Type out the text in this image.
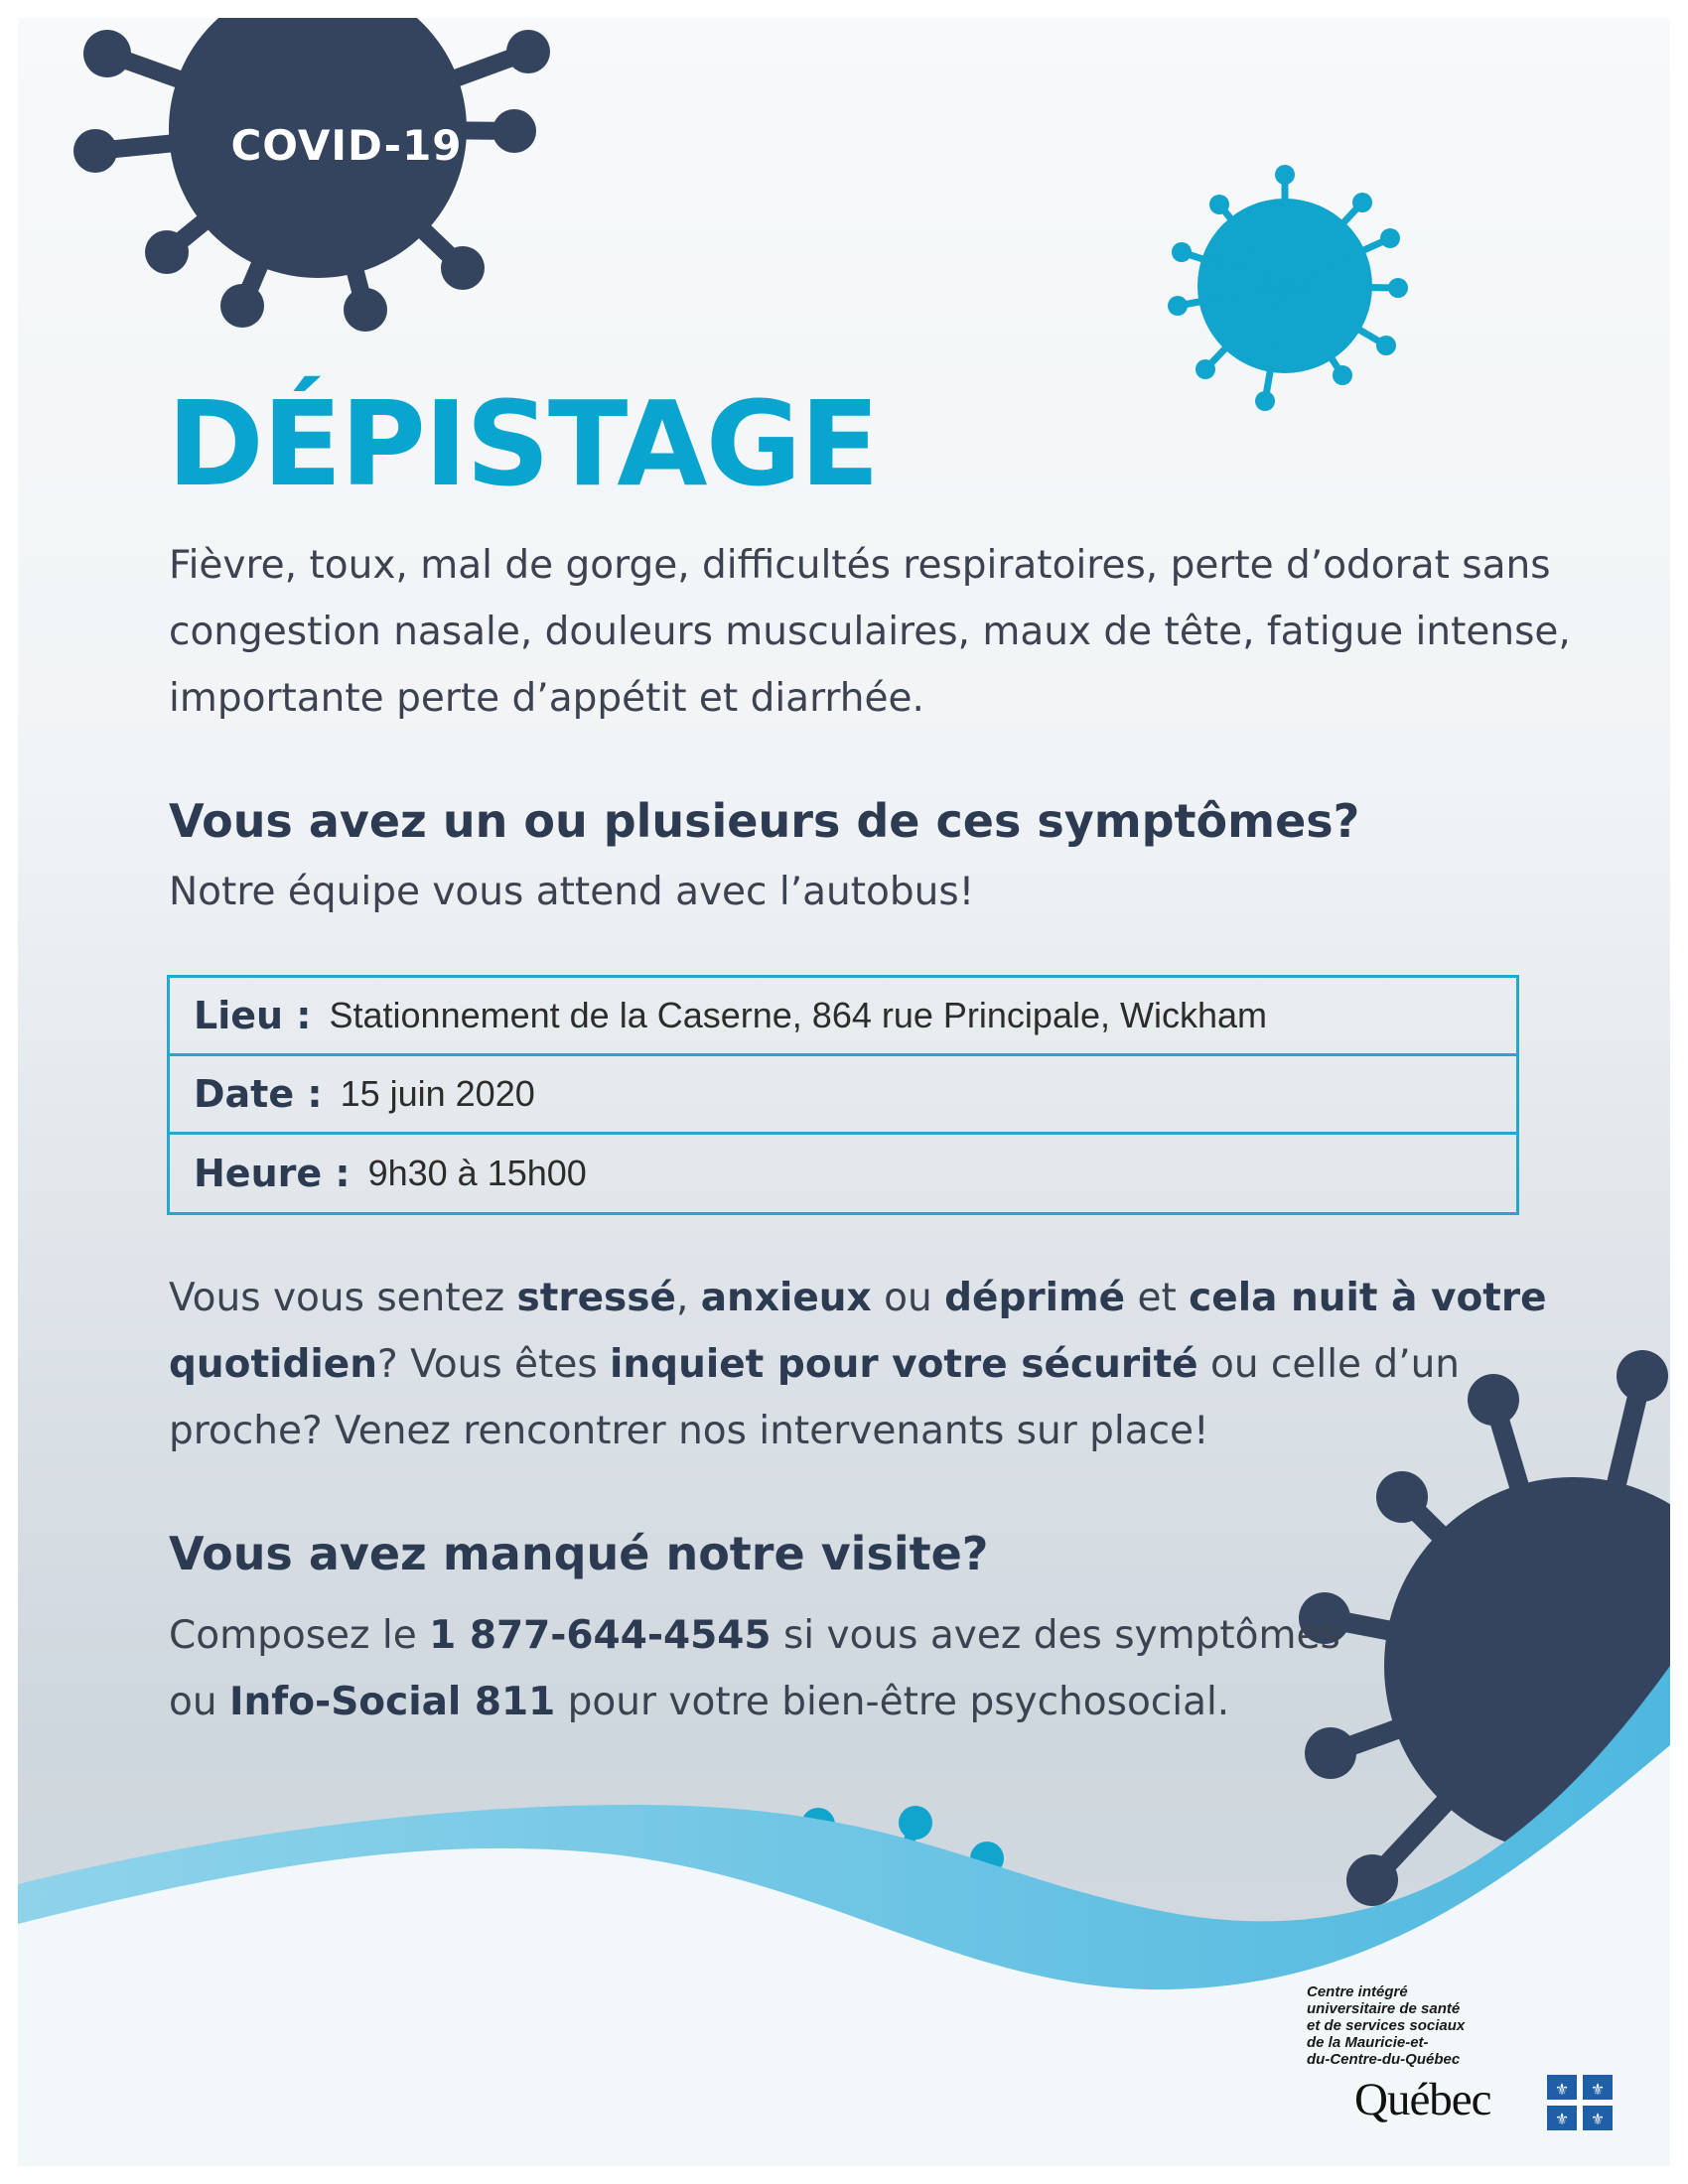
COVID-19
DÉPISTAGE
Fièvre, toux, mal de gorge, difficultés respiratoires, perte d’odorat sans congestion nasale, douleurs musculaires, maux de tête, fatigue intense, importante perte d’appétit et diarrhée.
Vous avez un ou plusieurs de ces symptômes?
Notre équipe vous attend avec l’autobus!
Lieu : Stationnement de la Caserne, 864 rue Principale, Wickham
Date : 15 juin 2020
Heure : 9h30 à 15h00
Vous vous sentez stressé, anxieux ou déprimé et cela nuit à votre quotidien? Vous êtes inquiet pour votre sécurité ou celle d’un proche? Venez rencontrer nos intervenants sur place!
Vous avez manqué notre visite?
Composez le 1 877-644-4545 si vous avez des symptômes ou Info-Social 811 pour votre bien-être psychosocial.
Centre intégré
universitaire de santé
et de services sociaux
de la Mauricie-et-
du-Centre-du-Québec
Québec	⚜ ⚜
⚜ ⚜
